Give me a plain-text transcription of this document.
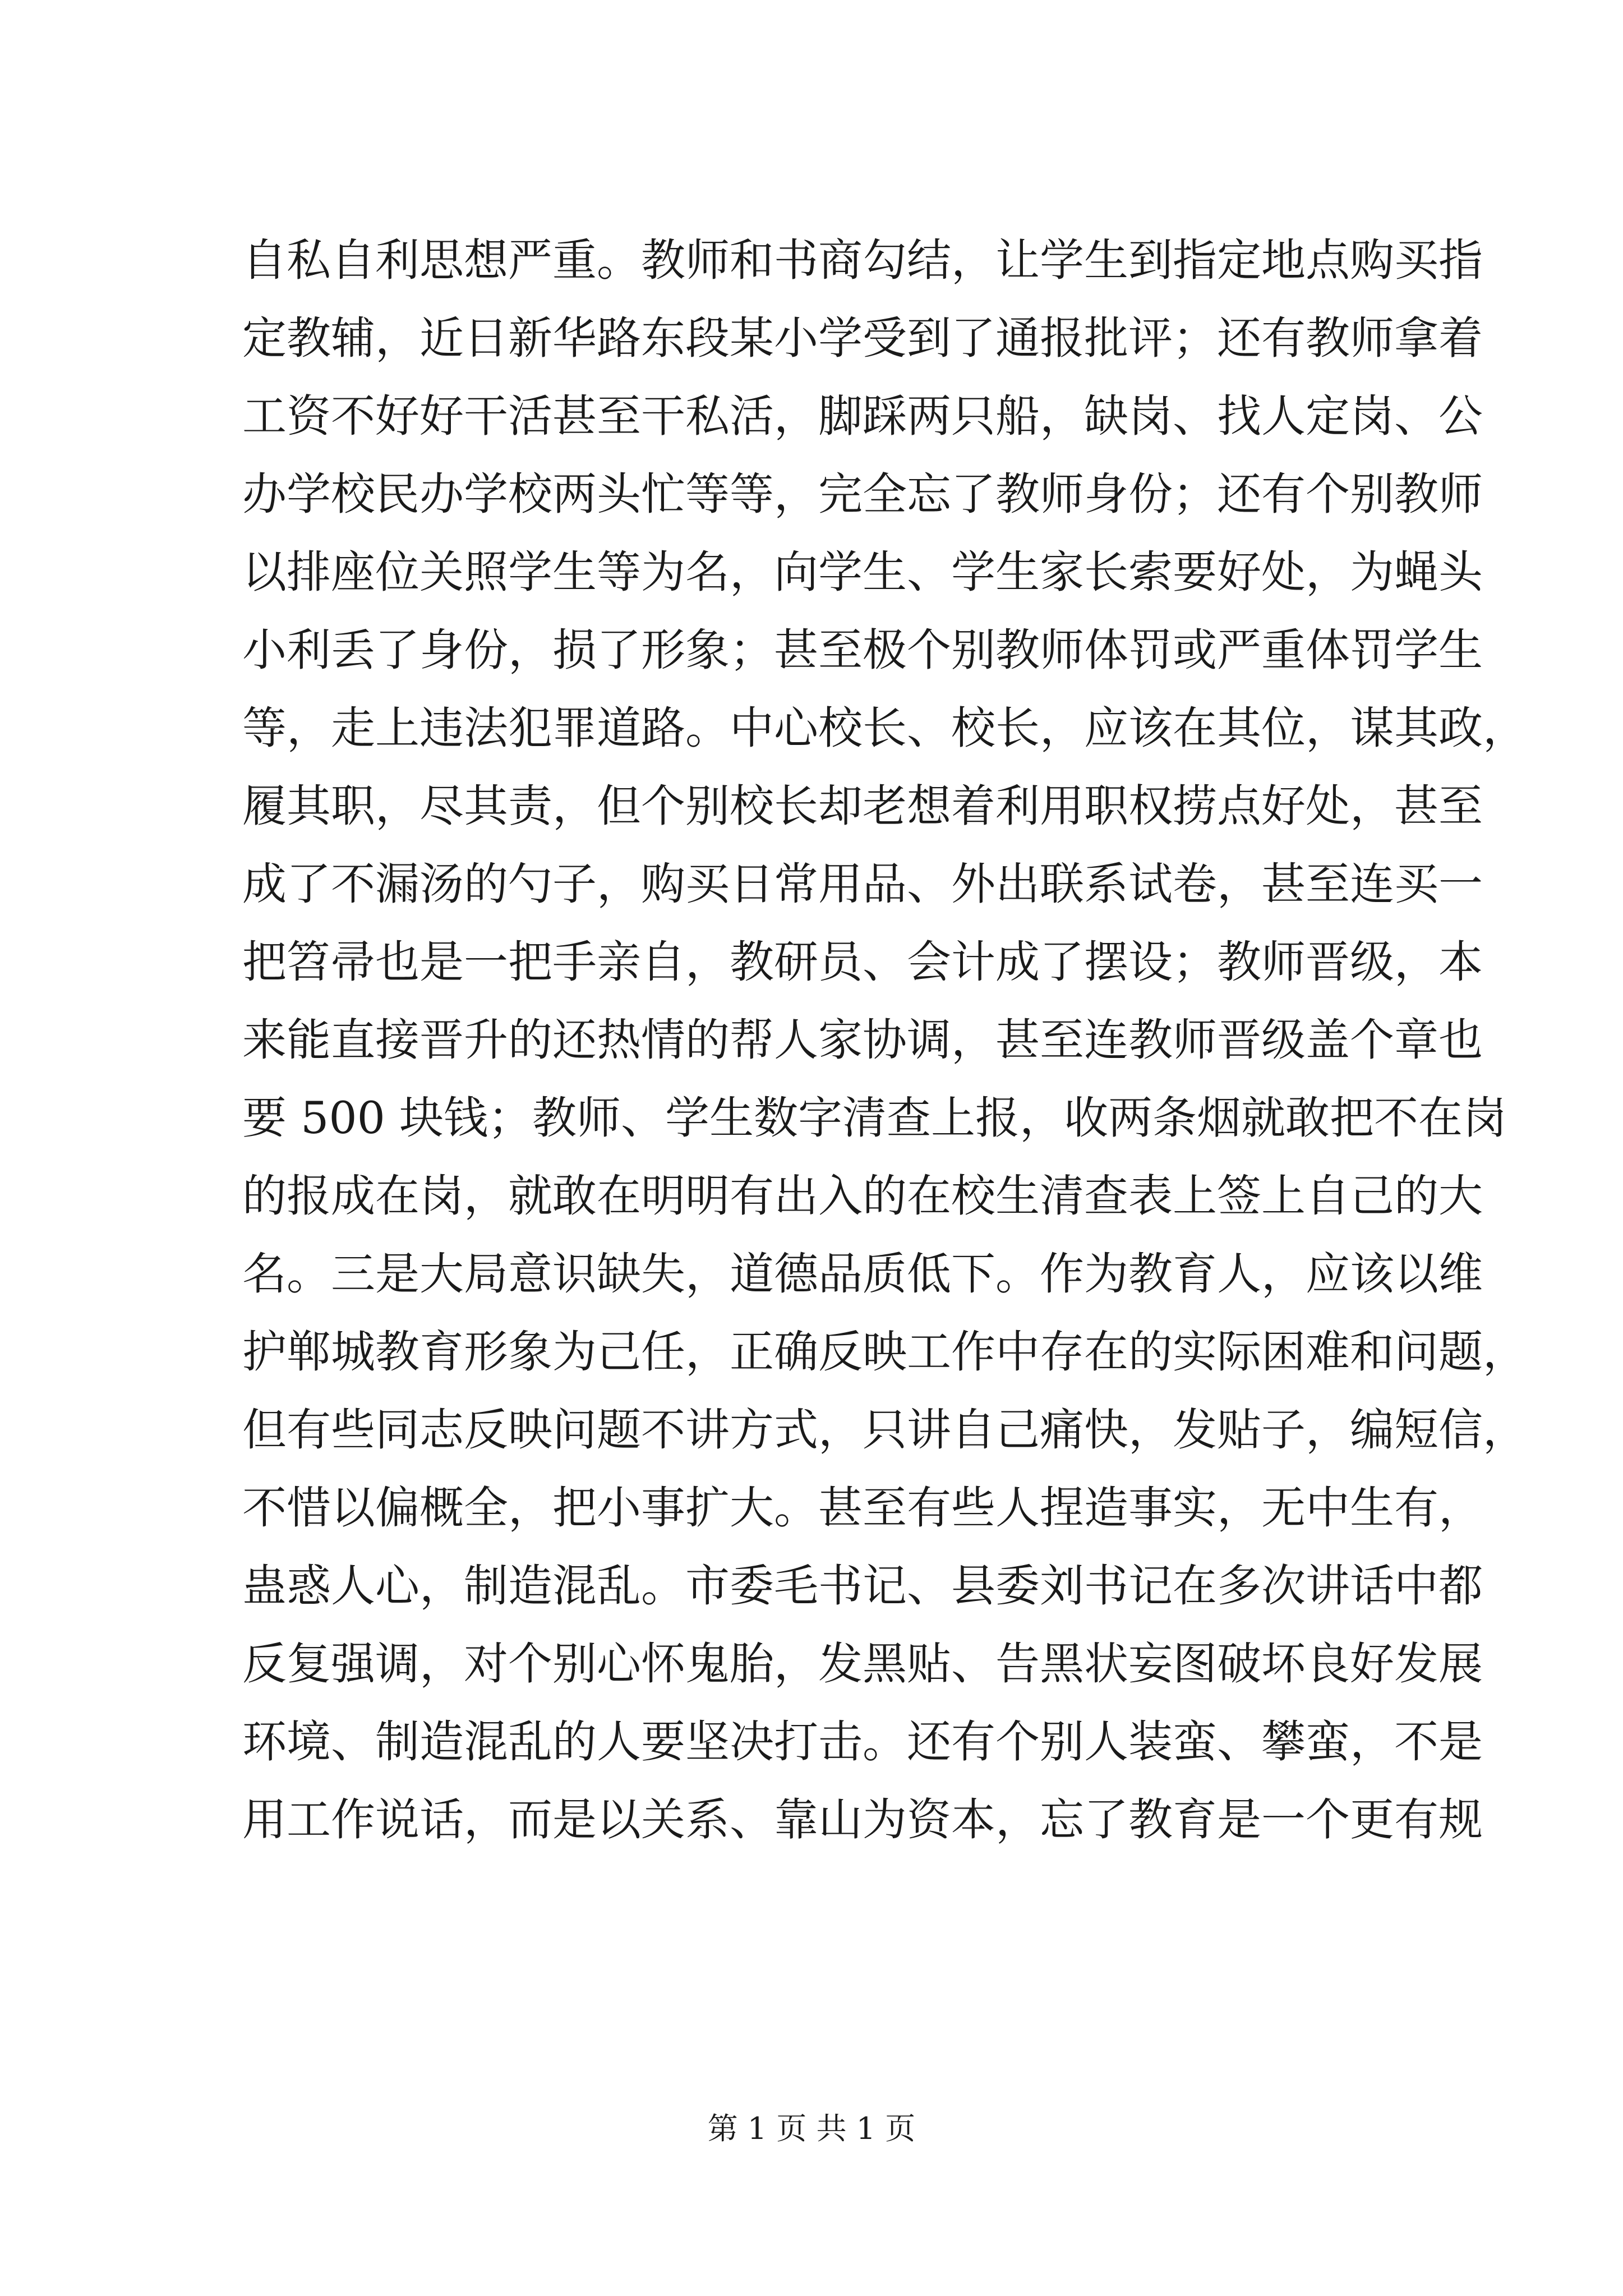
自私自利思想严重。教师和书商勾结，让学生到指定地点购买指
定教辅，近日新华路东段某小学受到了通报批评；还有教师拿着
工资不好好干活甚至干私活，脚踩两只船，缺岗、找人定岗、公
办学校民办学校两头忙等等，完全忘了教师身份；还有个别教师
以排座位关照学生等为名，向学生、学生家长索要好处，为蝇头
小利丢了身份，损了形象；甚至极个别教师体罚或严重体罚学生
等，走上违法犯罪道路。中心校长、校长，应该在其位，谋其政，
履其职，尽其责，但个别校长却老想着利用职权捞点好处，甚至
成了不漏汤的勺子，购买日常用品、外出联系试卷，甚至连买一
把笤帚也是一把手亲自，教研员、会计成了摆设；教师晋级，本
来能直接晋升的还热情的帮人家协调，甚至连教师晋级盖个章也
要 500 块钱；教师、学生数字清查上报，收两条烟就敢把不在岗
的报成在岗，就敢在明明有出入的在校生清查表上签上自己的大
名。三是大局意识缺失，道德品质低下。作为教育人，应该以维
护郸城教育形象为己任，正确反映工作中存在的实际困难和问题，
但有些同志反映问题不讲方式，只讲自己痛快，发贴子，编短信，
不惜以偏概全，把小事扩大。甚至有些人捏造事实，无中生有，
蛊惑人心，制造混乱。市委毛书记、县委刘书记在多次讲话中都
反复强调，对个别心怀鬼胎，发黑贴、告黑状妄图破坏良好发展
环境、制造混乱的人要坚决打击。还有个别人装蛮、攀蛮，不是
用工作说话，而是以关系、靠山为资本，忘了教育是一个更有规
第 1 页 共 1 页
